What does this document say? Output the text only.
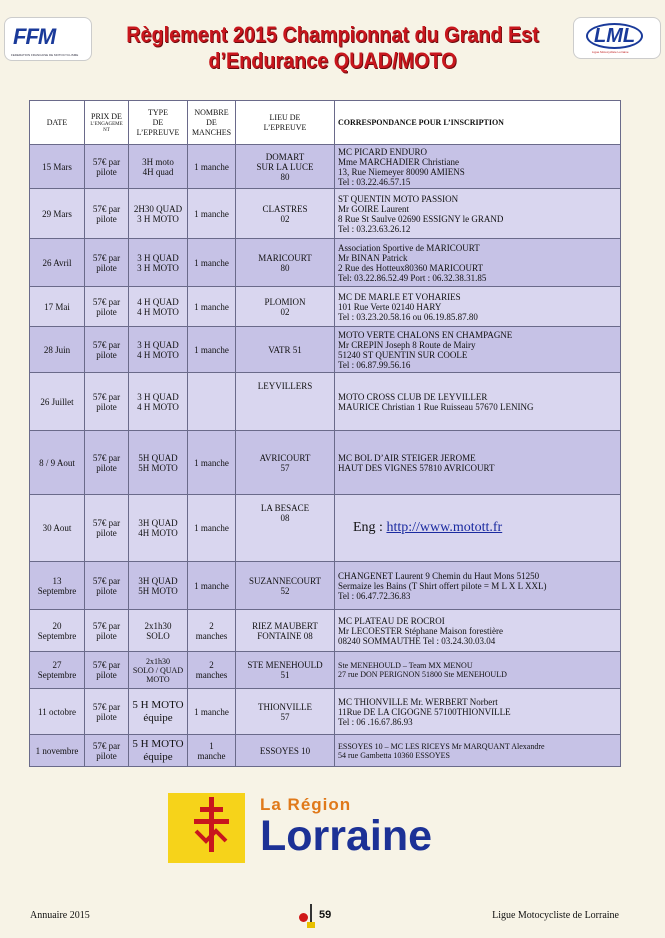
FFM
FEDERATION FRANCAISE DE MOTOCYCLISME
Règlement 2015 Championnat du Grand Est
d’Endurance QUAD/MOTO
LML
Ligue Motocycliste Lorraine
DATE	PRIX DE
L’ENGAGEME
NT	TYPE
DE
L’EPREUVE	NOMBRE
DE
MANCHES	LIEU DE
L’EPREUVE	CORRESPONDANCE POUR L’INSCRIPTION

15 Mars	57€ par
pilote	3H moto
4H quad	1 manche	DOMART
SUR LA LUCE
80	MC PICARD ENDURO
Mme MARCHADIER Christiane
13, Rue Niemeyer 80090 AMIENS
Tel : 03.22.46.57.15

29 Mars	57€ par
pilote	2H30 QUAD
3 H MOTO	1 manche	CLASTRES
02	ST QUENTIN MOTO PASSION
Mr GOIRE Laurent
8 Rue St Saulve 02690 ESSIGNY le GRAND
Tel : 03.23.63.26.12

26 Avril	57€ par
pilote	3 H QUAD
3 H MOTO	1 manche	MARICOURT
80	Association Sportive de MARICOURT
Mr BINAN Patrick
2 Rue des Hotteux80360 MARICOURT
Tel: 03.22.86.52.49 Port : 06.32.38.31.85

17 Mai	57€ par
pilote	4 H QUAD
4 H MOTO	1 manche	PLOMION
02	MC DE MARLE ET VOHARIES
101 Rue Verte 02140 HARY
Tel : 03.23.20.58.16 ou 06.19.85.87.80

28 Juin	57€ par
pilote	3 H QUAD
4 H MOTO	1 manche	VATR 51	MOTO VERTE CHALONS EN CHAMPAGNE
Mr CREPIN Joseph 8 Route de Mairy
51240 ST QUENTIN SUR COOLE
Tel : 06.87.99.56.16

26 Juillet	57€ par
pilote	3 H QUAD
4 H MOTO		LEYVILLERS	MOTO CROSS CLUB DE LEYVILLER
MAURICE Christian 1 Rue Ruisseau 57670 LENING

8 / 9 Aout	57€ par
pilote	5H QUAD
5H MOTO	1 manche	AVRICOURT
57	MC BOL D’AIR STEIGER JEROME
HAUT DES VIGNES 57810 AVRICOURT

30 Aout	57€ par
pilote	3H QUAD
4H MOTO	1 manche	LA BESACE
08	Eng : http://www.motott.fr

13
Septembre	57€ par
pilote	3H QUAD
5H MOTO	1 manche	SUZANNECOURT
52	CHANGENET Laurent 9 Chemin du Haut Mons 51250
Sermaize les Bains (T Shirt offert pilote = M L X L XXL)
Tel : 06.47.72.36.83

20
Septembre	57€ par
pilote	2x1h30
SOLO	2
manches	RIEZ MAUBERT
FONTAINE 08	MC PLATEAU DE ROCROI
Mr LECOESTER Stéphane Maison forestière
08240 SOMMAUTHE Tel : 03.24.30.03.04

27
Septembre	57€ par
pilote	2x1h30
SOLO / QUAD
MOTO	2
manches	STE MENEHOULD
51	Ste MENEHOULD – Team MX MENOU
27 rue DON PERIGNON 51800 Ste MENEHOULD

11 octobre	57€ par
pilote	5 H MOTO
équipe	1 manche	THIONVILLE
57	MC THIONVILLE Mr. WERBERT Norbert
11Rue DE LA CIGOGNE 57100THIONVILLE
Tel : 06 .16.67.86.93

1 novembre	57€ par
pilote	5 H MOTO
équipe	1
manche	ESSOYES 10	ESSOYES 10 – MC LES RICEYS Mr MARQUANT Alexandre
54 rue Gambetta 10360 ESSOYES
La Région
Lorraine
Annuaire 2015	59	Ligue Motocycliste de Lorraine
